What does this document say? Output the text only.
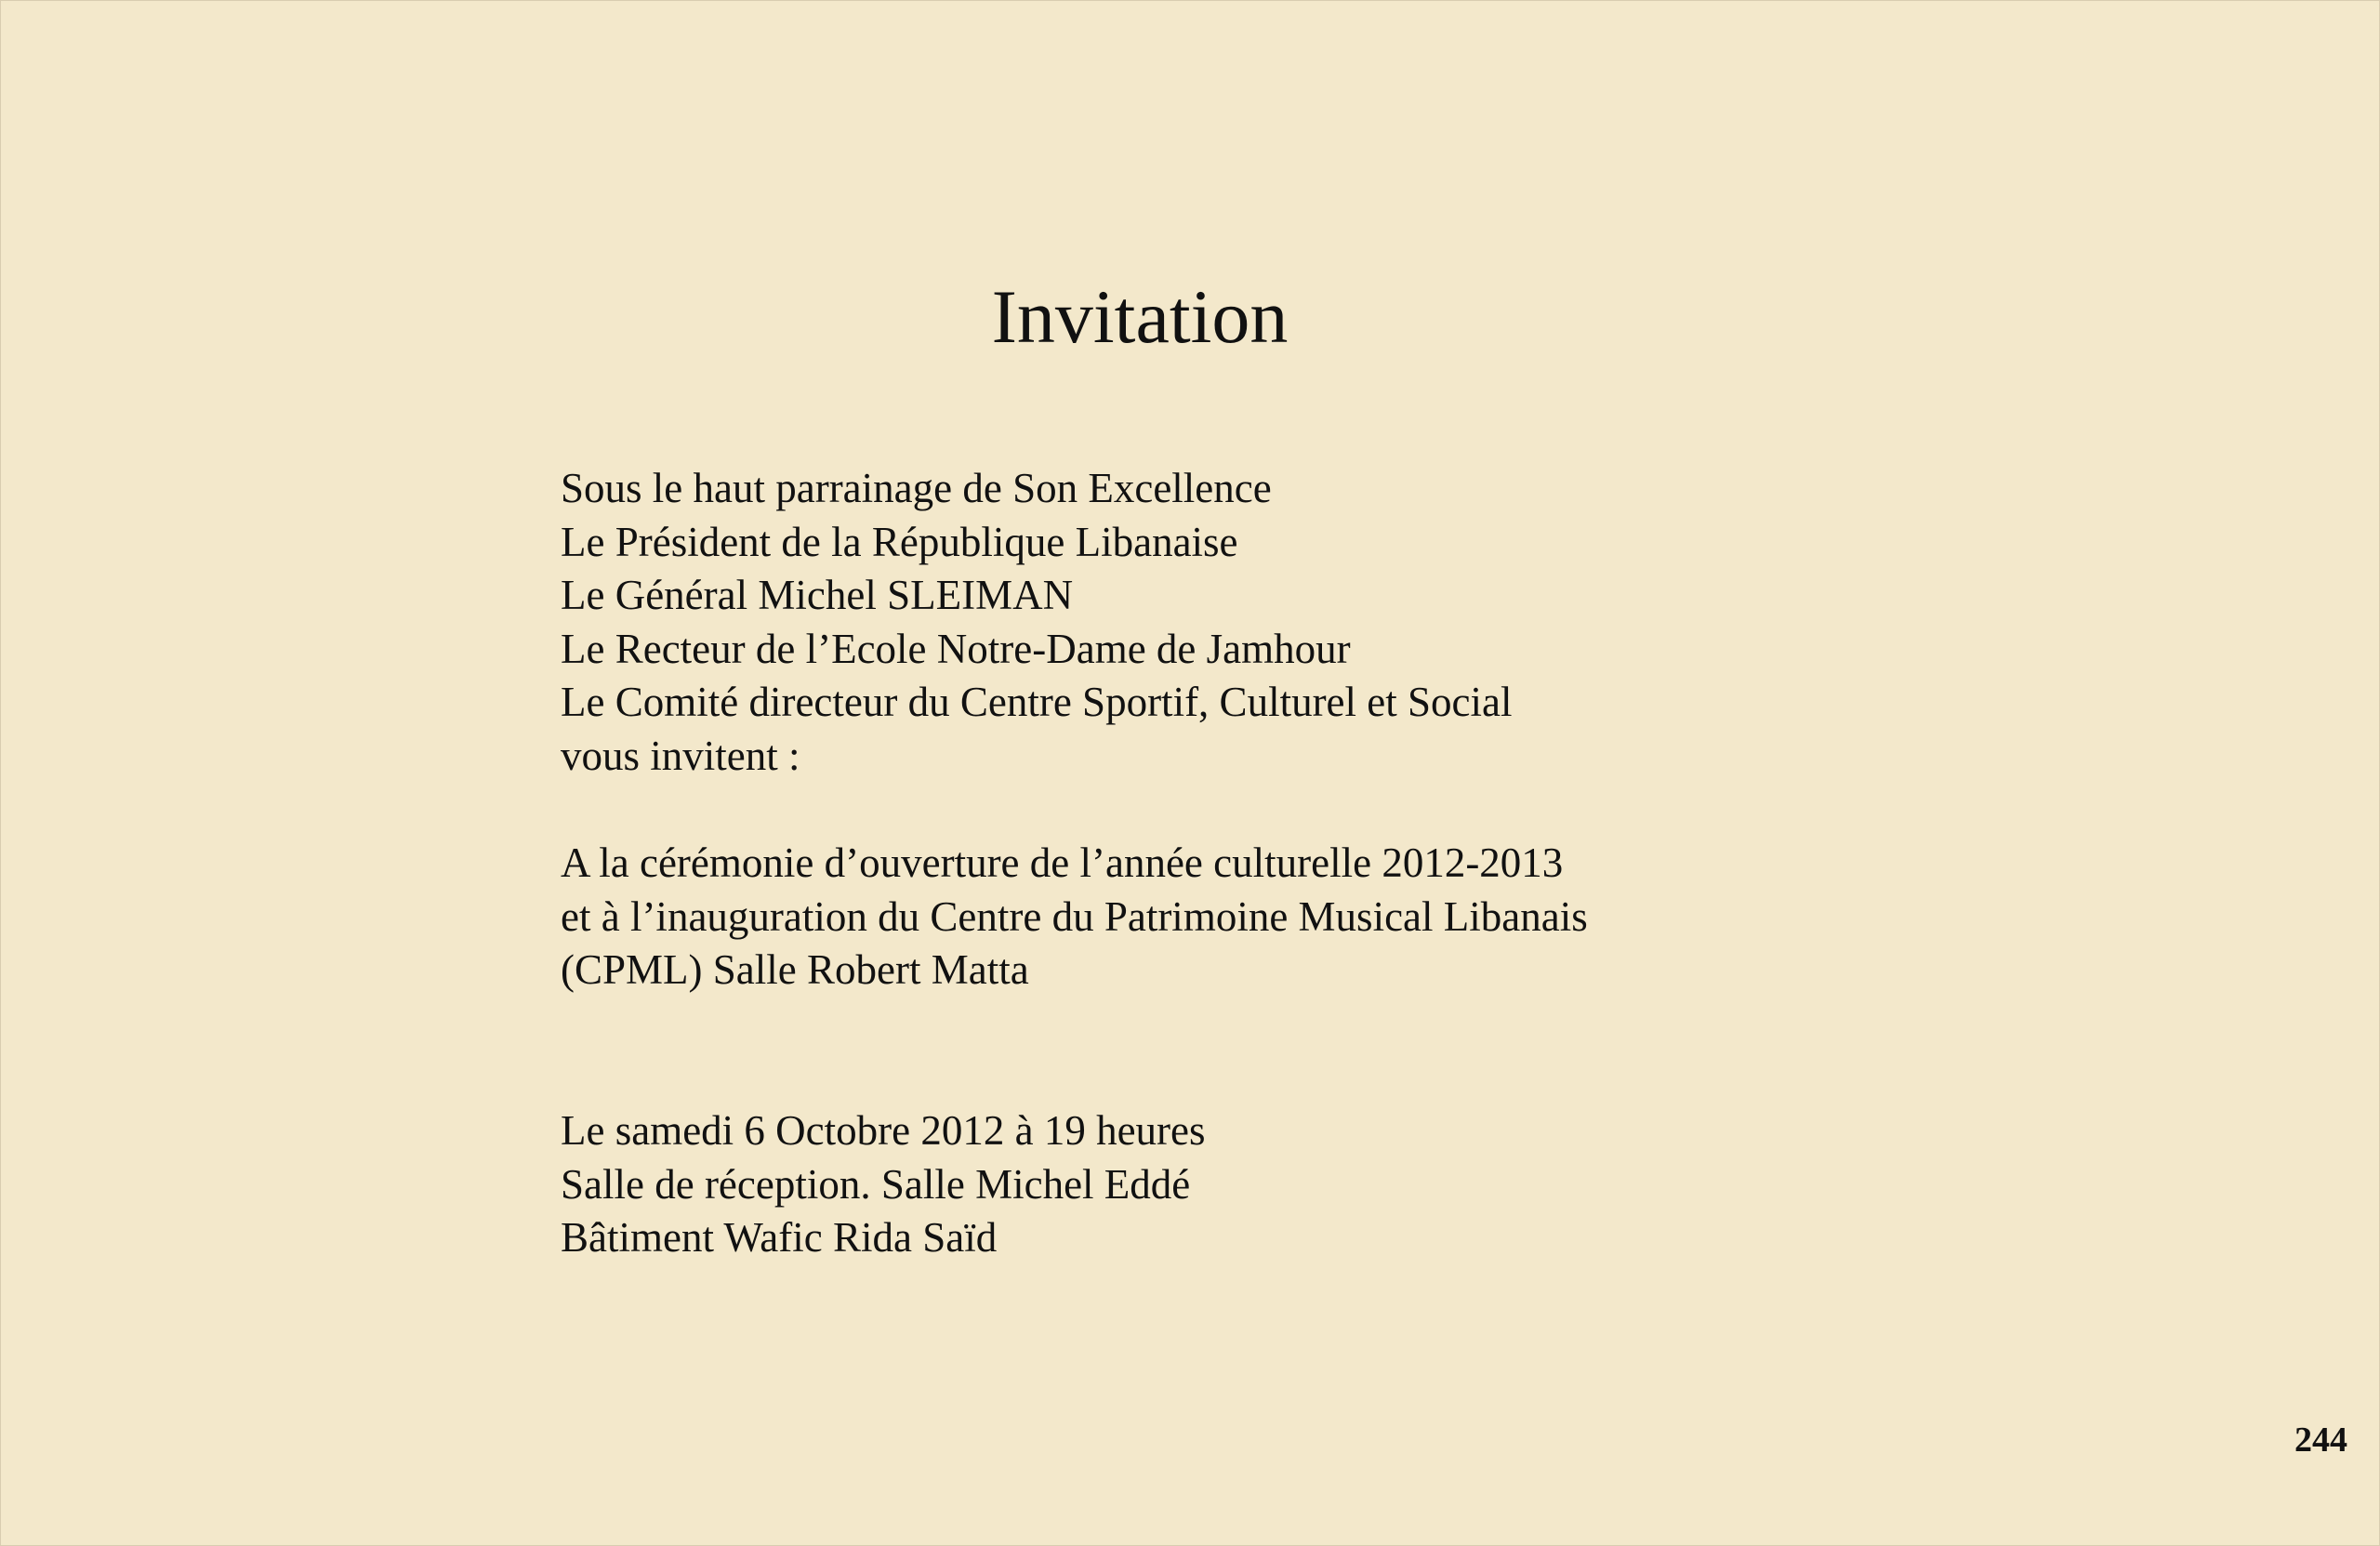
Invitation
Sous le haut parrainage de Son Excellence
Le Président de la République Libanaise
Le Général Michel SLEIMAN
Le Recteur de l’Ecole Notre-Dame de Jamhour
Le Comité directeur du Centre Sportif, Culturel et Social
vous invitent :
A la cérémonie d’ouverture de l’année culturelle 2012-2013
et à l’inauguration du Centre du Patrimoine Musical Libanais
(CPML) Salle Robert Matta
Le samedi 6 Octobre 2012 à 19 heures
Salle de réception. Salle Michel Eddé
Bâtiment Wafic Rida Saïd
244
